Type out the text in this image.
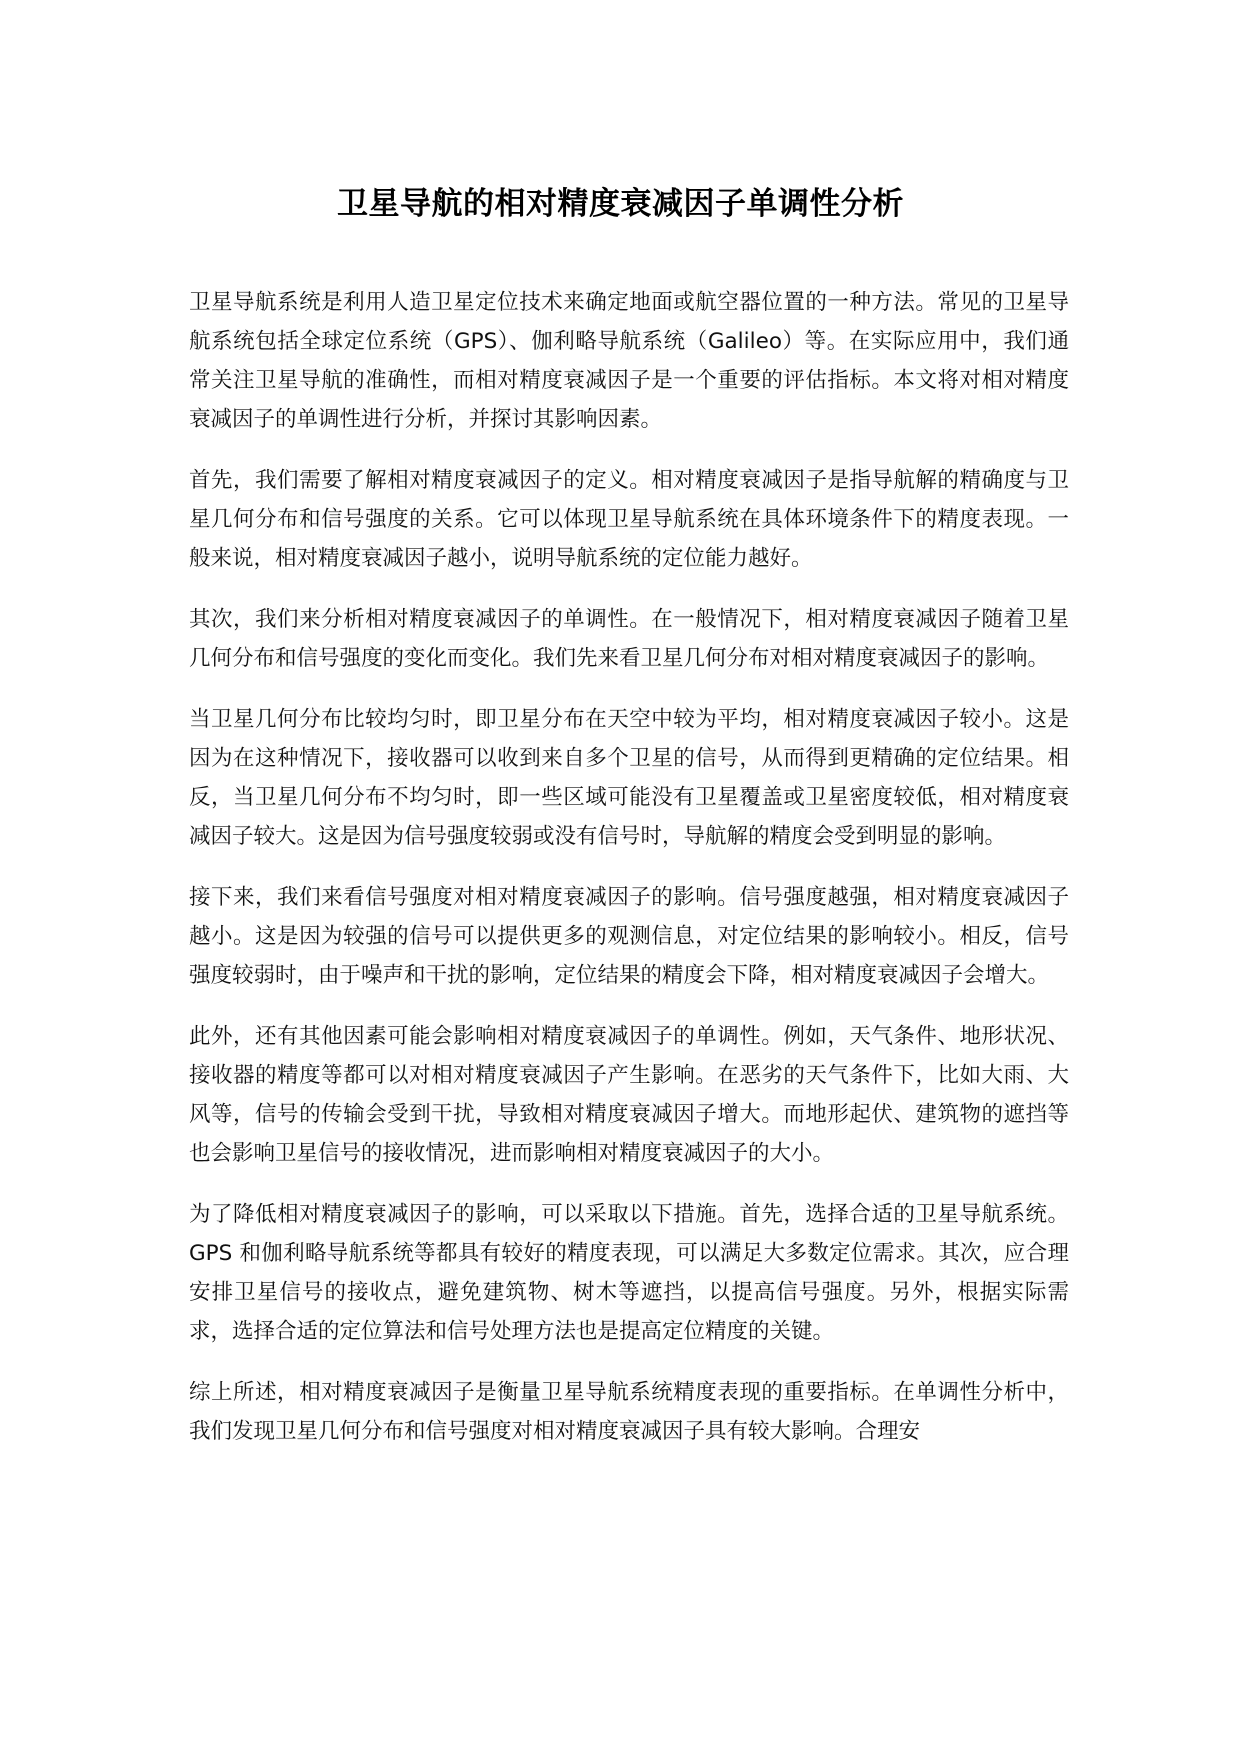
卫星导航的相对精度衰减因子单调性分析

卫星导航系统是利用人造卫星定位技术来确定地面或航空器位置的一种方法。常见的卫星导航系统包括全球定位系统（GPS）、伽利略导航系统（Galileo）等。在实际应用中，我们通常关注卫星导航的准确性，而相对精度衰减因子是一个重要的评估指标。本文将对相对精度衰减因子的单调性进行分析，并探讨其影响因素。

首先，我们需要了解相对精度衰减因子的定义。相对精度衰减因子是指导航解的精确度与卫星几何分布和信号强度的关系。它可以体现卫星导航系统在具体环境条件下的精度表现。一般来说，相对精度衰减因子越小，说明导航系统的定位能力越好。

其次，我们来分析相对精度衰减因子的单调性。在一般情况下，相对精度衰减因子随着卫星几何分布和信号强度的变化而变化。我们先来看卫星几何分布对相对精度衰减因子的影响。

当卫星几何分布比较均匀时，即卫星分布在天空中较为平均，相对精度衰减因子较小。这是因为在这种情况下，接收器可以收到来自多个卫星的信号，从而得到更精确的定位结果。相反，当卫星几何分布不均匀时，即一些区域可能没有卫星覆盖或卫星密度较低，相对精度衰减因子较大。这是因为信号强度较弱或没有信号时，导航解的精度会受到明显的影响。

接下来，我们来看信号强度对相对精度衰减因子的影响。信号强度越强，相对精度衰减因子越小。这是因为较强的信号可以提供更多的观测信息，对定位结果的影响较小。相反，信号强度较弱时，由于噪声和干扰的影响，定位结果的精度会下降，相对精度衰减因子会增大。

此外，还有其他因素可能会影响相对精度衰减因子的单调性。例如，天气条件、地形状况、接收器的精度等都可以对相对精度衰减因子产生影响。在恶劣的天气条件下，比如大雨、大风等，信号的传输会受到干扰，导致相对精度衰减因子增大。而地形起伏、建筑物的遮挡等也会影响卫星信号的接收情况，进而影响相对精度衰减因子的大小。

为了降低相对精度衰减因子的影响，可以采取以下措施。首先，选择合适的卫星导航系统。GPS 和伽利略导航系统等都具有较好的精度表现，可以满足大多数定位需求。其次，应合理安排卫星信号的接收点，避免建筑物、树木等遮挡，以提高信号强度。另外，根据实际需求，选择合适的定位算法和信号处理方法也是提高定位精度的关键。

综上所述，相对精度衰减因子是衡量卫星导航系统精度表现的重要指标。在单调性分析中，我们发现卫星几何分布和信号强度对相对精度衰减因子具有较大影响。合理安
